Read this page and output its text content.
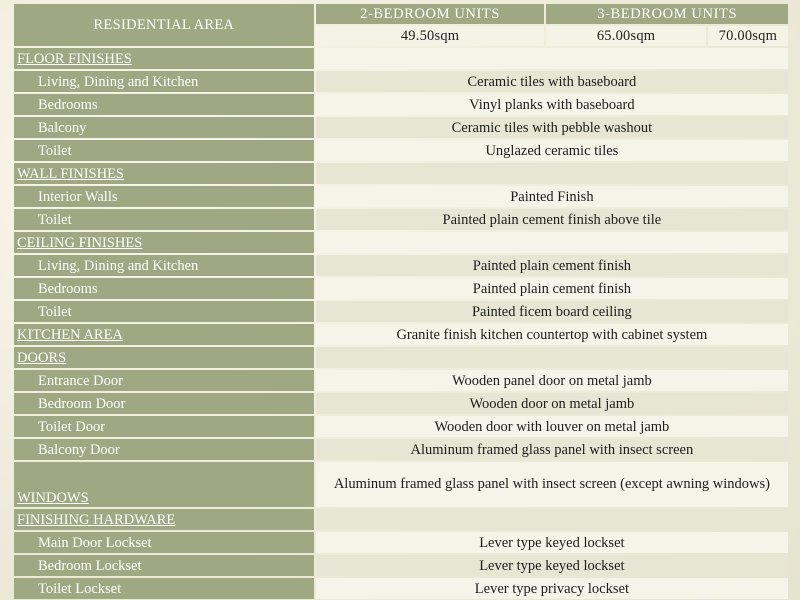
RESIDENTIAL AREA	2-BEDROOM UNITS	3-BEDROOM UNITS	
	49.50sqm	65.00sqm	70.00sqm
FLOOR FINISHES			
Living, Dining and Kitchen	Ceramic tiles with baseboard		
Bedrooms	Vinyl planks with baseboard		
Balcony	Ceramic tiles with pebble washout		
Toilet	Unglazed ceramic tiles		
WALL FINISHES			
Interior Walls	Painted Finish		
Toilet	Painted plain cement finish above tile		
CEILING FINISHES			
Living, Dining and Kitchen	Painted plain cement finish		
Bedrooms	Painted plain cement finish		
Toilet	Painted ficem board ceiling		
KITCHEN AREA	Granite finish kitchen countertop with cabinet system		
DOORS			
Entrance Door	Wooden panel door on metal jamb		
Bedroom Door	Wooden door on metal jamb		
Toilet Door	Wooden door with louver on metal jamb		
Balcony Door	Aluminum framed glass panel with insect screen		
WINDOWS	Aluminum framed glass panel with insect screen (except awning windows)		
FINISHING HARDWARE			
Main Door Lockset	Lever type keyed lockset		
Bedroom Lockset	Lever type keyed lockset		
Toilet Lockset	Lever type privacy lockset		
